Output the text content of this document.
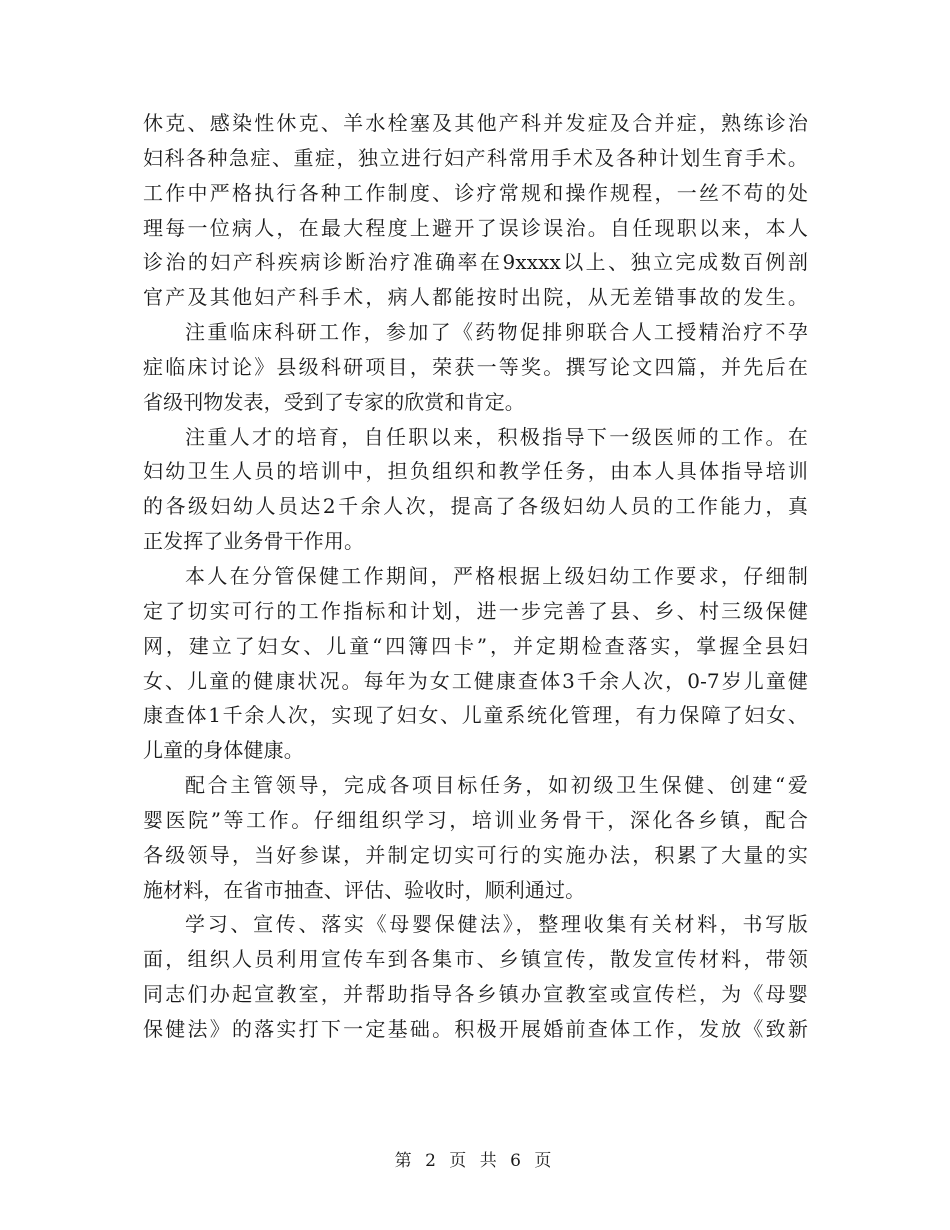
休克、感染性休克、羊水栓塞及其他产科并发症及合并症，熟练诊治
妇科各种急症、重症，独立进行妇产科常用手术及各种计划生育手术。
工作中严格执行各种工作制度、诊疗常规和操作规程，一丝不苟的处
理每一位病人，在最大程度上避开了误诊误治。自任现职以来，本人
诊治的妇产科疾病诊断治疗准确率在9xxxx以上、独立完成数百例剖
官产及其他妇产科手术，病人都能按时出院，从无差错事故的发生。
注重临床科研工作，参加了《药物促排卵联合人工授精治疗不孕
症临床讨论》县级科研项目，荣获一等奖。撰写论文四篇，并先后在
省级刊物发表，受到了专家的欣赏和肯定。
注重人才的培育，自任职以来，积极指导下一级医师的工作。在
妇幼卫生人员的培训中，担负组织和教学任务，由本人具体指导培训
的各级妇幼人员达2千余人次，提高了各级妇幼人员的工作能力，真
正发挥了业务骨干作用。
本人在分管保健工作期间，严格根据上级妇幼工作要求，仔细制
定了切实可行的工作指标和计划，进一步完善了县、乡、村三级保健
网，建立了妇女、儿童“四簿四卡”，并定期检查落实，掌握全县妇
女、儿童的健康状况。每年为女工健康查体3千余人次，0-7岁儿童健
康查体1千余人次，实现了妇女、儿童系统化管理，有力保障了妇女、
儿童的身体健康。
配合主管领导，完成各项目标任务，如初级卫生保健、创建“爱
婴医院”等工作。仔细组织学习，培训业务骨干，深化各乡镇，配合
各级领导，当好参谋，并制定切实可行的实施办法，积累了大量的实
施材料，在省市抽查、评估、验收时，顺利通过。
学习、宣传、落实《母婴保健法》，整理收集有关材料，书写版
面，组织人员利用宣传车到各集市、乡镇宣传，散发宣传材料，带领
同志们办起宣教室，并帮助指导各乡镇办宣教室或宣传栏，为《母婴
保健法》的落实打下一定基础。积极开展婚前查体工作，发放《致新
第 2 页 共 6 页
